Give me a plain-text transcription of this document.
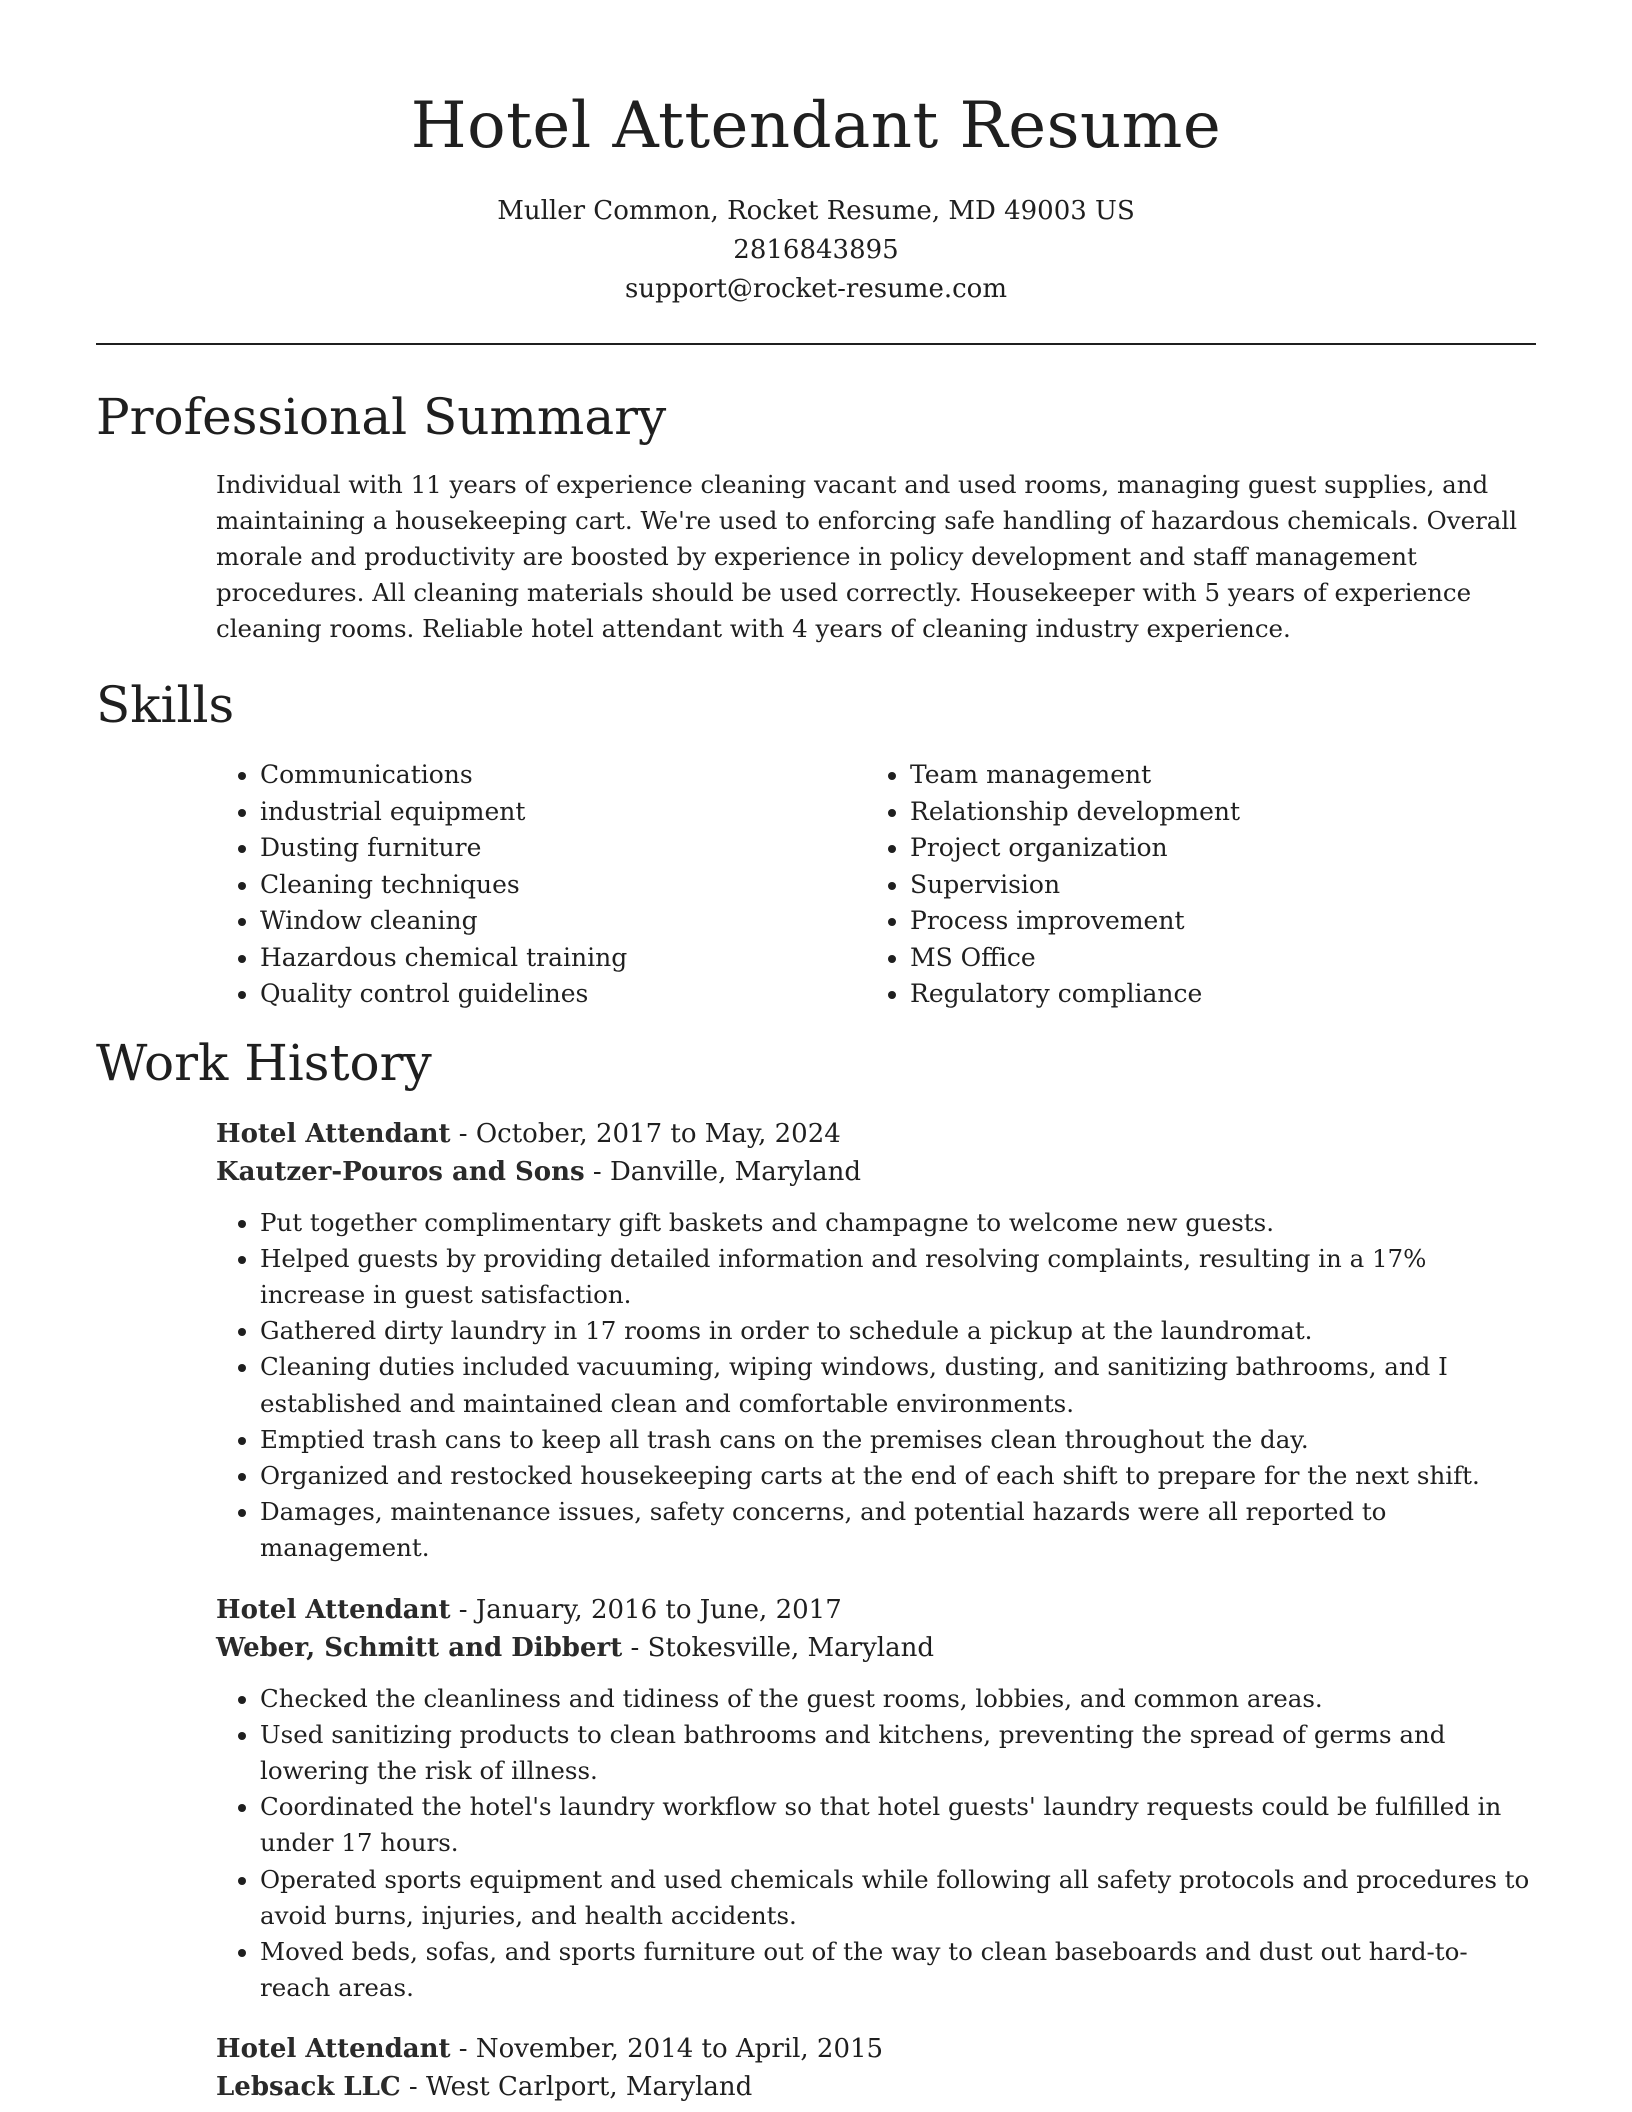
Hotel Attendant Resume
Muller Common, Rocket Resume, MD 49003 US
2816843895
support@rocket-resume.com
Professional Summary

Individual with 11 years of experience cleaning vacant and used rooms, managing guest supplies, and maintaining a housekeeping cart. We're used to enforcing safe handling of hazardous chemicals. Overall morale and productivity are boosted by experience in policy development and staff management procedures. All cleaning materials should be used correctly. Housekeeper with 5 years of experience cleaning rooms. Reliable hotel attendant with 4 years of cleaning industry experience.

Skills
• Communications
• industrial equipment
• Dusting furniture
• Cleaning techniques
• Window cleaning
• Hazardous chemical training
• Quality control guidelines
• Team management
• Relationship development
• Project organization
• Supervision
• Process improvement
• MS Office
• Regulatory compliance
Work History
Hotel Attendant - October, 2017 to May, 2024
Kautzer-Pouros and Sons - Danville, Maryland
• Put together complimentary gift baskets and champagne to welcome new guests.
• Helped guests by providing detailed information and resolving complaints, resulting in a 17% increase in guest satisfaction.
• Gathered dirty laundry in 17 rooms in order to schedule a pickup at the laundromat.
• Cleaning duties included vacuuming, wiping windows, dusting, and sanitizing bathrooms, and I established and maintained clean and comfortable environments.
• Emptied trash cans to keep all trash cans on the premises clean throughout the day.
• Organized and restocked housekeeping carts at the end of each shift to prepare for the next shift.
• Damages, maintenance issues, safety concerns, and potential hazards were all reported to management.
Hotel Attendant - January, 2016 to June, 2017
Weber, Schmitt and Dibbert - Stokesville, Maryland
• Checked the cleanliness and tidiness of the guest rooms, lobbies, and common areas.
• Used sanitizing products to clean bathrooms and kitchens, preventing the spread of germs and lowering the risk of illness.
• Coordinated the hotel's laundry workflow so that hotel guests' laundry requests could be fulfilled in under 17 hours.
• Operated sports equipment and used chemicals while following all safety protocols and procedures to avoid burns, injuries, and health accidents.
• Moved beds, sofas, and sports furniture out of the way to clean baseboards and dust out hard-to-reach areas.
Hotel Attendant - November, 2014 to April, 2015
Lebsack LLC - West Carlport, Maryland
